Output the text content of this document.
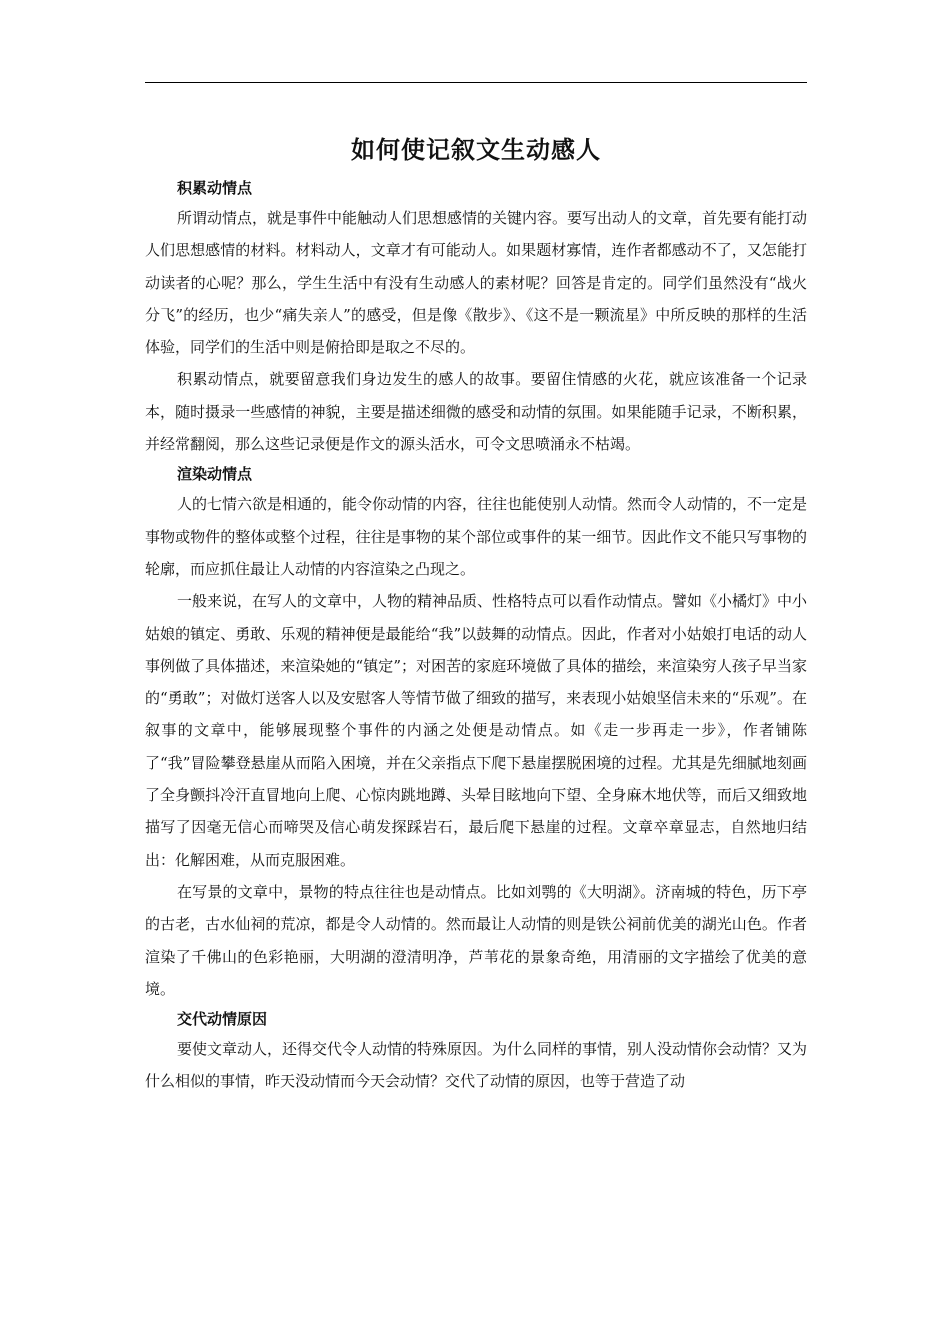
如何使记叙文生动感人
积累动情点

所谓动情点，就是事件中能触动人们思想感情的关键内容。要写出动人的文章，首先要有能打动人们思想感情的材料。材料动人，文章才有可能动人。如果题材寡情，连作者都感动不了，又怎能打动读者的心呢？那么，学生生活中有没有生动感人的素材呢？回答是肯定的。同学们虽然没有“战火分飞”的经历，也少“痛失亲人”的感受，但是像《散步》、《这不是一颗流星》中所反映的那样的生活体验，同学们的生活中则是俯拾即是取之不尽的。

积累动情点，就要留意我们身边发生的感人的故事。要留住情感的火花，就应该准备一个记录本，随时摄录一些感情的神貌，主要是描述细微的感受和动情的氛围。如果能随手记录，不断积累，并经常翻阅，那么这些记录便是作文的源头活水，可令文思喷涌永不枯竭。

渲染动情点

人的七情六欲是相通的，能令你动情的内容，往往也能使别人动情。然而令人动情的，不一定是事物或物件的整体或整个过程，往往是事物的某个部位或事件的某一细节。因此作文不能只写事物的轮廓，而应抓住最让人动情的内容渲染之凸现之。

一般来说，在写人的文章中，人物的精神品质、性格特点可以看作动情点。譬如《小橘灯》中小姑娘的镇定、勇敢、乐观的精神便是最能给“我”以鼓舞的动情点。因此，作者对小姑娘打电话的动人事例做了具体描述，来渲染她的“镇定”；对困苦的家庭环境做了具体的描绘，来渲染穷人孩子早当家的“勇敢”；对做灯送客人以及安慰客人等情节做了细致的描写，来表现小姑娘坚信未来的“乐观”。在叙事的文章中，能够展现整个事件的内涵之处便是动情点。如《走一步再走一步》，作者铺陈了“我”冒险攀登悬崖从而陷入困境，并在父亲指点下爬下悬崖摆脱困境的过程。尤其是先细腻地刻画了全身颤抖冷汗直冒地向上爬、心惊肉跳地蹲、头晕目眩地向下望、全身麻木地伏等，而后又细致地描写了因毫无信心而啼哭及信心萌发探踩岩石，最后爬下悬崖的过程。文章卒章显志，自然地归结出：化解困难，从而克服困难。

在写景的文章中，景物的特点往往也是动情点。比如刘鹗的《大明湖》。济南城的特色，历下亭的古老，古水仙祠的荒凉，都是令人动情的。然而最让人动情的则是铁公祠前优美的湖光山色。作者渲染了千佛山的色彩艳丽，大明湖的澄清明净，芦苇花的景象奇绝，用清丽的文字描绘了优美的意境。

交代动情原因

要使文章动人，还得交代令人动情的特殊原因。为什么同样的事情，别人没动情你会动情？又为什么相似的事情，昨天没动情而今天会动情？交代了动情的原因，也等于营造了动
